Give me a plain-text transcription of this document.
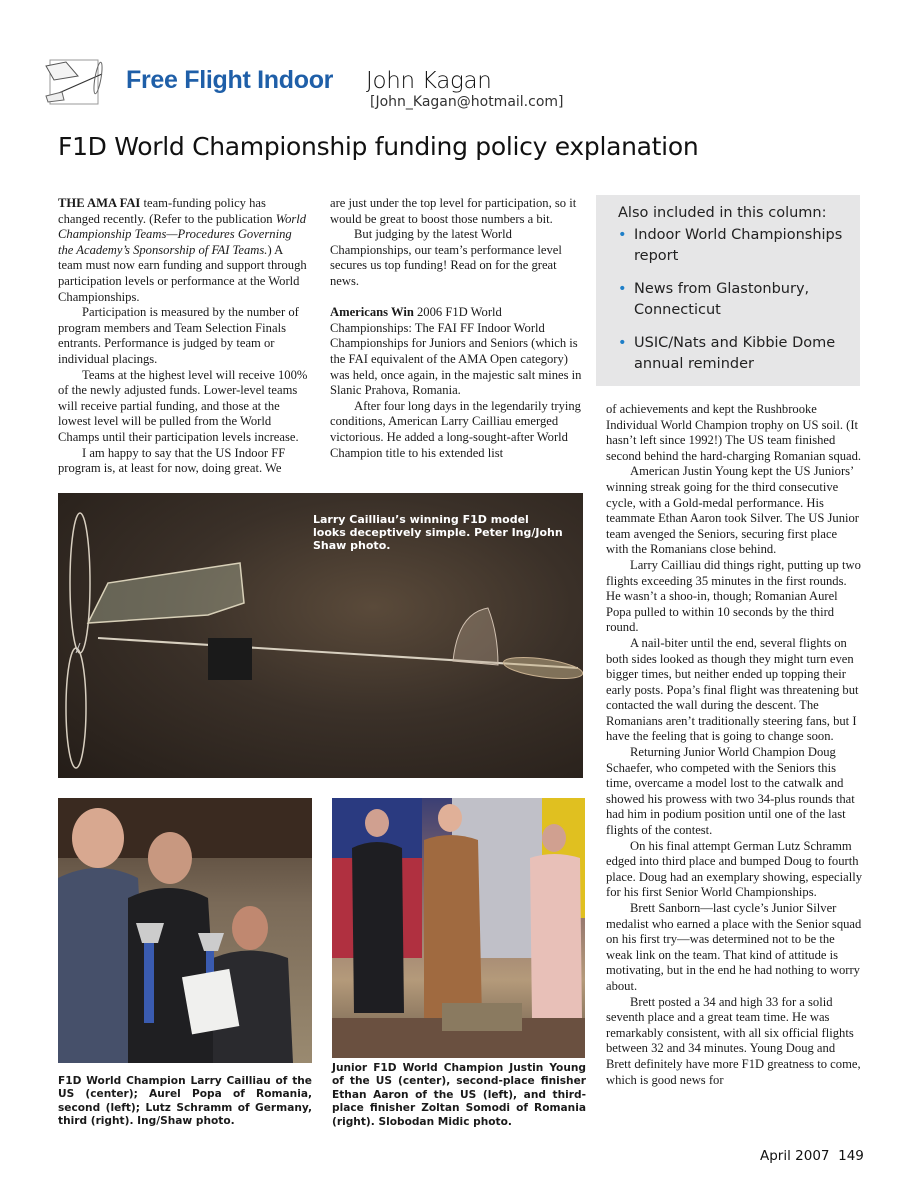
Free Flight Indoor John Kagan
[John_Kagan@hotmail.com]
F1D World Championship funding policy explanation

THE AMA FAI team-funding policy has changed recently. (Refer to the publication World Championship Teams—Procedures Governing the Academy’s Sponsorship of FAI Teams.) A team must now earn funding and support through participation levels or performance at the World Championships.

Participation is measured by the number of program members and Team Selection Finals entrants. Performance is judged by team or individual placings.

Teams at the highest level will receive 100% of the newly adjusted funds. Lower-level teams will receive partial funding, and those at the lowest level will be pulled from the World Champs until their participation levels increase.

I am happy to say that the US Indoor FF program is, at least for now, doing great. We

are just under the top level for participation, so it would be great to boost those numbers a bit.

But judging by the latest World Championships, our team’s performance level secures us top funding! Read on for the great news.

Americans Win 2006 F1D World Championships: The FAI FF Indoor World Championships for Juniors and Seniors (which is the FAI equivalent of the AMA Open category) was held, once again, in the majestic salt mines in Slanic Prahova, Romania.

After four long days in the legendarily trying conditions, American Larry Cailliau emerged victorious. He added a long-sought-after World Champion title to his extended list

Also included in this column:
• Indoor World Championships report
• News from Glastonbury, Connecticut
• USIC/Nats and Kibbie Dome annual reminder

of achievements and kept the Rushbrooke Individual World Champion trophy on US soil. (It hasn’t left since 1992!) The US team finished second behind the hard-charging Romanian squad.

American Justin Young kept the US Juniors’ winning streak going for the third consecutive cycle, with a Gold-medal performance. His teammate Ethan Aaron took Silver. The US Junior team avenged the Seniors, securing first place with the Romanians close behind.

Larry Cailliau did things right, putting up two flights exceeding 35 minutes in the first rounds. He wasn’t a shoo-in, though; Romanian Aurel Popa pulled to within 10 seconds by the third round.

A nail-biter until the end, several flights on both sides looked as though they might turn even bigger times, but neither ended up topping their early posts. Popa’s final flight was threatening but contacted the wall during the descent. The Romanians aren’t traditionally steering fans, but I have the feeling that is going to change soon.

Returning Junior World Champion Doug Schaefer, who competed with the Seniors this time, overcame a model lost to the catwalk and showed his prowess with two 34-plus rounds that had him in podium position until one of the last flights of the contest.

On his final attempt German Lutz Schramm edged into third place and bumped Doug to fourth place. Doug had an exemplary showing, especially for his first Senior World Championships.

Brett Sanborn—last cycle’s Junior Silver medalist who earned a place with the Senior squad on his first try—was determined not to be the weak link on the team. That kind of attitude is motivating, but in the end he had nothing to worry about.

Brett posted a 34 and high 33 for a solid seventh place and a great team time. He was remarkably consistent, with all six official flights between 32 and 34 minutes. Young Doug and Brett definitely have more F1D greatness to come, which is good news for

Larry Cailliau’s winning F1D model looks deceptively simple. Peter Ing/John Shaw photo.
F1D World Champion Larry Cailliau of the US (center); Aurel Popa of Romania, second (left); Lutz Schramm of Germany, third (right). Ing/Shaw photo.
Junior F1D World Champion Justin Young of the US (center), second-place finisher Ethan Aaron of the US (left), and third-place finisher Zoltan Somodi of Romania (right). Slobodan Midic photo.
April 2007 149
